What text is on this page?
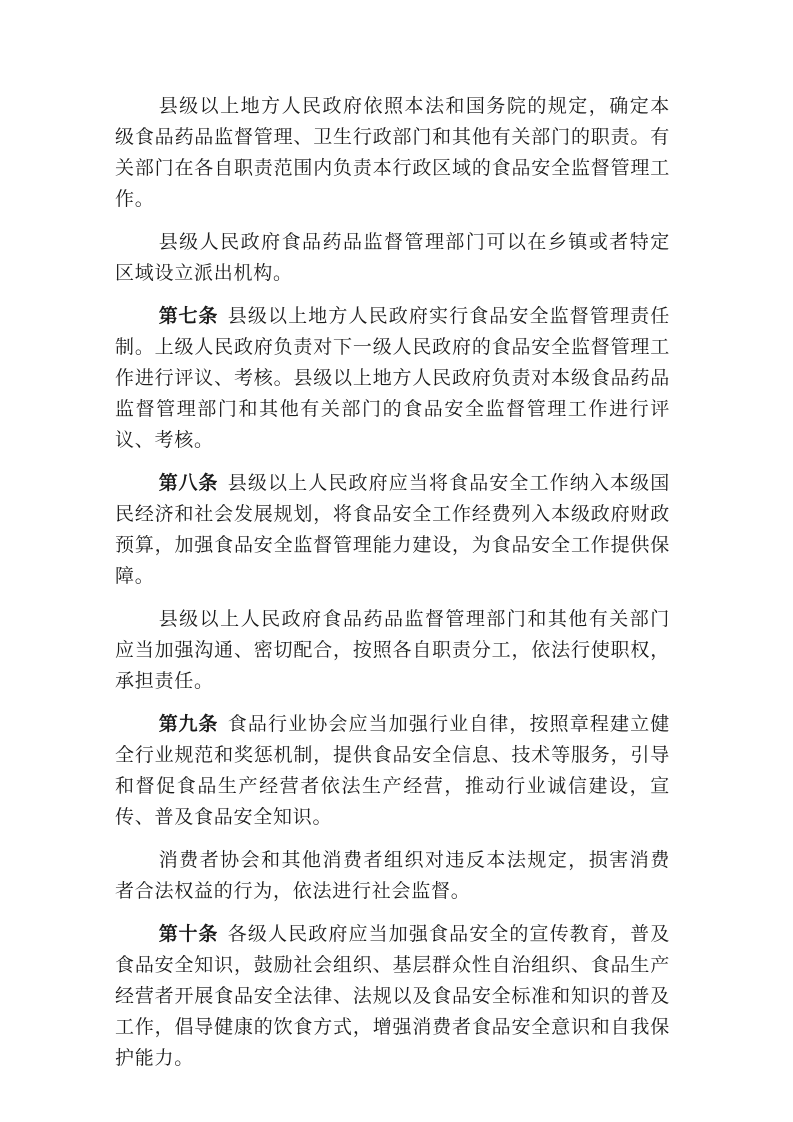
县级以上地方人民政府依照本法和国务院的规定，确定本级食品药品监督管理、卫生行政部门和其他有关部门的职责。有关部门在各自职责范围内负责本行政区域的食品安全监督管理工作。

县级人民政府食品药品监督管理部门可以在乡镇或者特定区域设立派出机构。

第七条 县级以上地方人民政府实行食品安全监督管理责任制。上级人民政府负责对下一级人民政府的食品安全监督管理工作进行评议、考核。县级以上地方人民政府负责对本级食品药品监督管理部门和其他有关部门的食品安全监督管理工作进行评议、考核。

第八条 县级以上人民政府应当将食品安全工作纳入本级国民经济和社会发展规划，将食品安全工作经费列入本级政府财政预算，加强食品安全监督管理能力建设，为食品安全工作提供保障。

县级以上人民政府食品药品监督管理部门和其他有关部门应当加强沟通、密切配合，按照各自职责分工，依法行使职权，承担责任。

第九条 食品行业协会应当加强行业自律，按照章程建立健全行业规范和奖惩机制，提供食品安全信息、技术等服务，引导和督促食品生产经营者依法生产经营，推动行业诚信建设，宣传、普及食品安全知识。

消费者协会和其他消费者组织对违反本法规定，损害消费者合法权益的行为，依法进行社会监督。

第十条 各级人民政府应当加强食品安全的宣传教育，普及食品安全知识，鼓励社会组织、基层群众性自治组织、食品生产经营者开展食品安全法律、法规以及食品安全标准和知识的普及工作，倡导健康的饮食方式，增强消费者食品安全意识和自我保护能力。
